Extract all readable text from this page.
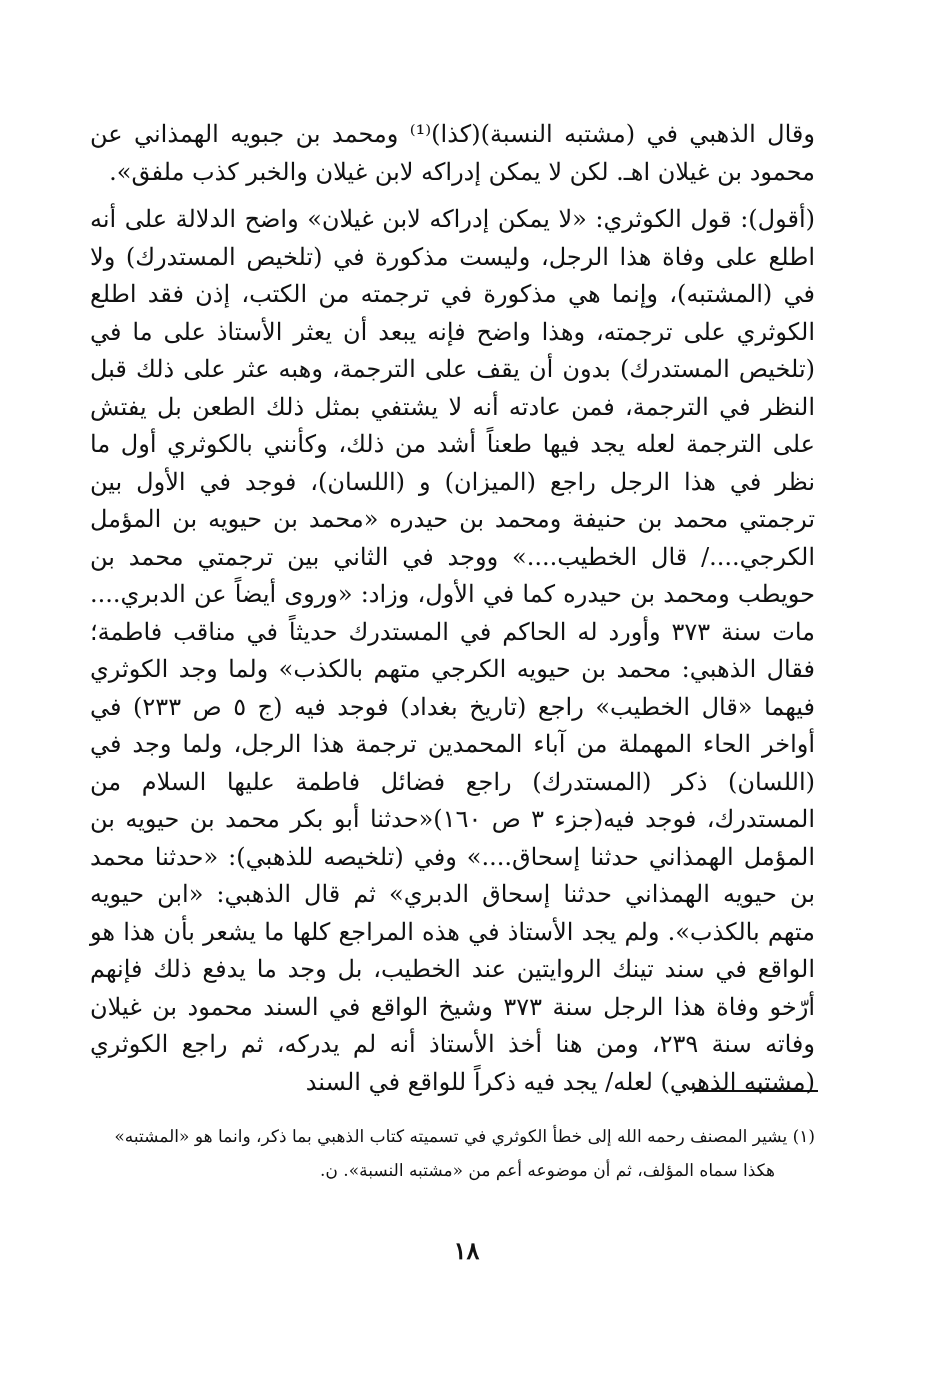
وقال الذهبي في (مشتبه النسبة)(كذا)⁽¹⁾ ومحمد بن جبويه الهمذاني عن محمود بن غيلان اهـ. لكن لا يمكن إدراكه لابن غيلان والخبر كذب ملفق».

(أقول): قول الكوثري: «لا يمكن إدراكه لابن غيلان» واضح الدلالة على أنه اطلع على وفاة هذا الرجل، وليست مذكورة في (تلخيص المستدرك) ولا في (المشتبه)، وإنما هي مذكورة في ترجمته من الكتب، إذن فقد اطلع الكوثري على ترجمته، وهذا واضح فإنه يبعد أن يعثر الأستاذ على ما في (تلخيص المستدرك) بدون أن يقف على الترجمة، وهبه عثر على ذلك قبل النظر في الترجمة، فمن عادته أنه لا يشتفي بمثل ذلك الطعن بل يفتش على الترجمة لعله يجد فيها طعناً أشد من ذلك، وكأنني بالكوثري أول ما نظر في هذا الرجل راجع (الميزان) و (اللسان)، فوجد في الأول بين ترجمتي محمد بن حنيفة ومحمد بن حيدره «محمد بن حيويه بن المؤمل الكرجي..../ قال الخطيب....» ووجد في الثاني بين ترجمتي محمد بن حويطب ومحمد بن حيدره كما في الأول، وزاد: «وروى أيضاً عن الدبري.... مات سنة ٣٧٣ وأورد له الحاكم في المستدرك حديثاً في مناقب فاطمة؛ فقال الذهبي: محمد بن حيويه الكرجي متهم بالكذب» ولما وجد الكوثري فيهما «قال الخطيب» راجع (تاريخ بغداد) فوجد فيه (ج ٥ ص ٢٣٣) في أواخر الحاء المهملة من آباء المحمدين ترجمة هذا الرجل، ولما وجد في (اللسان) ذكر (المستدرك) راجع فضائل فاطمة عليها السلام من المستدرك، فوجد فيه(جزء ٣ ص ١٦٠)«حدثنا أبو بكر محمد بن حيويه بن المؤمل الهمذاني حدثنا إسحاق....» وفي (تلخيصه للذهبي): «حدثنا محمد بن حيويه الهمذاني حدثنا إسحاق الدبري» ثم قال الذهبي: «ابن حيويه متهم بالكذب». ولم يجد الأستاذ في هذه المراجع كلها ما يشعر بأن هذا هو الواقع في سند تينك الروايتين عند الخطيب، بل وجد ما يدفع ذلك فإنهم أرّخو وفاة هذا الرجل سنة ٣٧٣ وشيخ الواقع في السند محمود بن غيلان وفاته سنة ٢٣٩، ومن هنا أخذ الأستاذ أنه لم يدركه، ثم راجع الكوثري (مشتبه الذهبي) لعله/ يجد فيه ذكراً للواقع في السند

(١) يشير المصنف رحمه الله إلى خطأ الكوثري في تسميته كتاب الذهبي بما ذكر، وانما هو «المشتبه»

هكذا سماه المؤلف، ثم أن موضوعه أعم من «مشتبه النسبة». ن.

١٨
